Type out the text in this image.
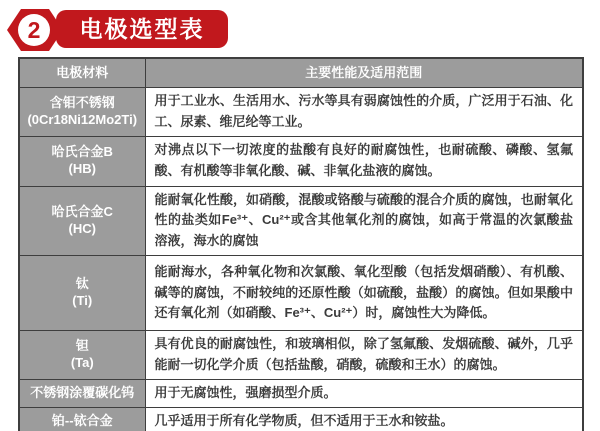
2 电极选型表
电极材料	主要性能及适用范围

含钼不锈钢
(0Cr18Ni12Mo2Ti)	用于工业水、生活用水、污水等具有弱腐蚀性的介质，广泛用于石油、化工、尿素、维尼纶等工业。

哈氏合金B
(HB)	对沸点以下一切浓度的盐酸有良好的耐腐蚀性，也耐硫酸、磷酸、氢氟酸、有机酸等非氧化酸、碱、非氧化盐液的腐蚀。

哈氏合金C
(HC)	能耐氧化性酸，如硝酸，混酸或铬酸与硫酸的混合介质的腐蚀，也耐氧化性的盐类如Fe³⁺、Cu²⁺或含其他氧化剂的腐蚀，如高于常温的次氯酸盐溶液，海水的腐蚀

钛
(Ti)	能耐海水，各种氧化物和次氯酸、氧化型酸（包括发烟硝酸）、有机酸、碱等的腐蚀，不耐较纯的还原性酸（如硫酸，盐酸）的腐蚀。但如果酸中还有氧化剂（如硝酸、Fe³⁺、Cu²⁺）时，腐蚀性大为降低。

钽
(Ta)	具有优良的耐腐蚀性，和玻璃相似，除了氢氟酸、发烟硫酸、碱外，几乎能耐一切化学介质（包括盐酸，硝酸，硫酸和王水）的腐蚀。

不锈钢涂覆碳化钨	用于无腐蚀性，强磨损型介质。

铂--铱合金	几乎适用于所有化学物质，但不适用于王水和铵盐。
